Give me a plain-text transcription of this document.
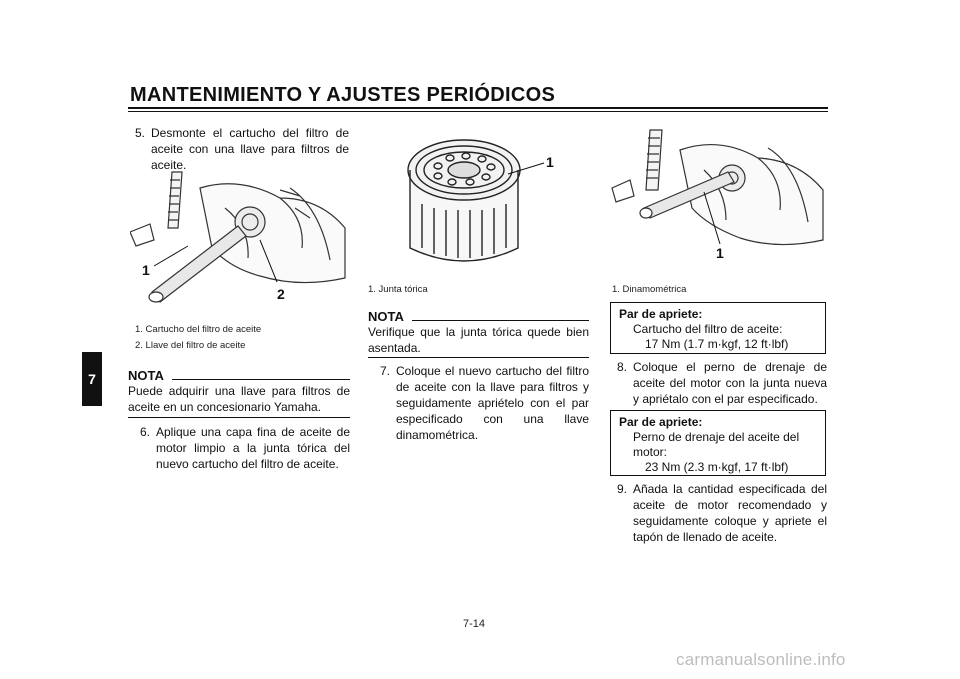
MANTENIMIENTO Y AJUSTES PERIÓDICOS
7
5. Desmonte el cartucho del filtro de aceite con una llave para filtros de aceite.
1
2
1. Cartucho del filtro de aceite
2. Llave del filtro de aceite
NOTA
Puede adquirir una llave para filtros de aceite en un concesionario Yamaha.
6. Aplique una capa fina de aceite de motor limpio a la junta tórica del nuevo cartucho del filtro de aceite.
1
1. Junta tórica
NOTA
Verifique que la junta tórica quede bien asentada.
7. Coloque el nuevo cartucho del filtro de aceite con la llave para filtros y seguidamente apriételo con el par especificado con una llave dinamométrica.
1
1. Dinamométrica
Par de apriete:
Cartucho del filtro de aceite:
17 Nm (1.7 m·kgf, 12 ft·lbf)
8. Coloque el perno de drenaje de aceite del motor con la junta nueva y apriétalo con el par especificado.
Par de apriete:
Perno de drenaje del aceite del motor:
23 Nm (2.3 m·kgf, 17 ft·lbf)
9. Añada la cantidad especificada del aceite de motor recomendado y seguidamente coloque y apriete el tapón de llenado de aceite.
7-14
carmanualsonline.info
